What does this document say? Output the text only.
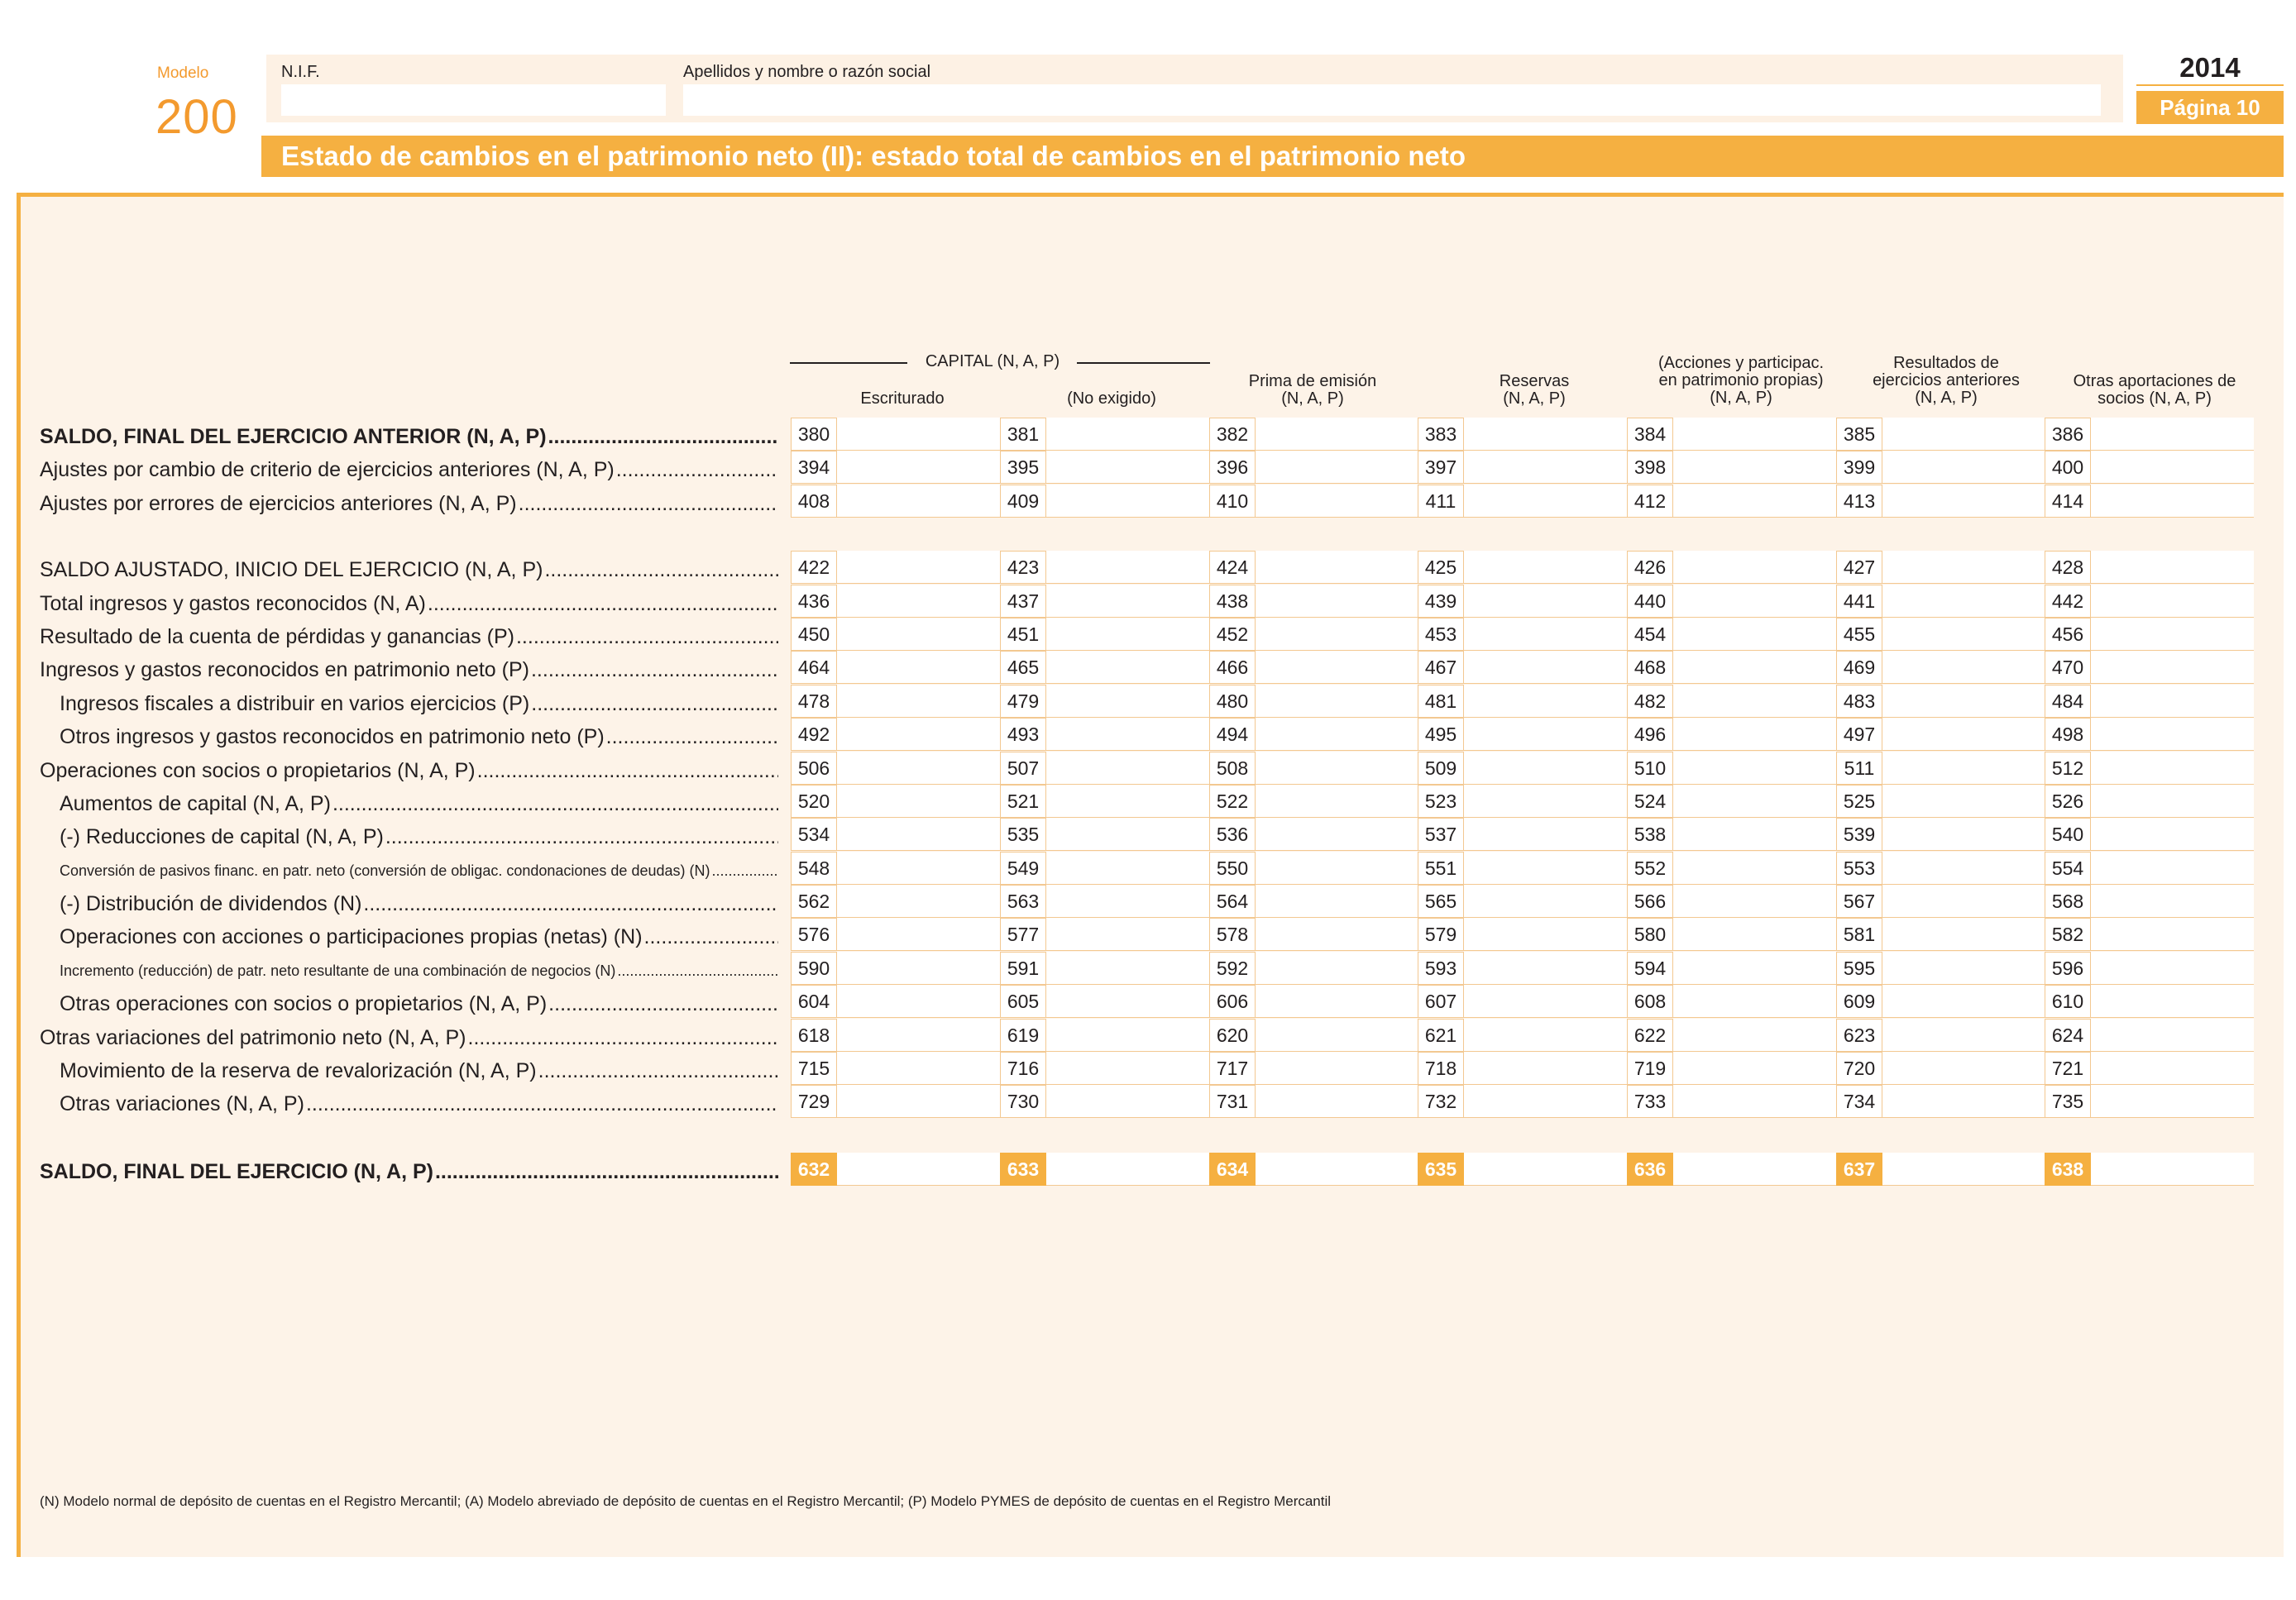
Modelo
200
N.I.F.	Apellidos y nombre o razón social	2014
Página 10
Estado de cambios en el patrimonio neto (II): estado total de cambios en el patrimonio neto
CAPITAL (N, A, P)
Escriturado	(No exigido)
Prima de emisión
(N, A, P)
Reservas
(N, A, P)
(Acciones y participac.
en patrimonio propias)
(N, A, P)
Resultados de
ejercicios anteriores
(N, A, P)
Otras aportaciones de
socios (N, A, P)
SALDO, FINAL DEL EJERCICIO ANTERIOR (N, A, P) .....	380	381	382	383	384	385	386
Ajustes por cambio de criterio de ejercicios anteriores (N, A, P) .....	394	395	396	397	398	399	400
Ajustes por errores de ejercicios anteriores (N, A, P) .....	408	409	410	411	412	413	414
SALDO AJUSTADO, INICIO DEL EJERCICIO (N, A, P) .....	422	423	424	425	426	427	428
Total ingresos y gastos reconocidos (N, A) .....	436	437	438	439	440	441	442
Resultado de la cuenta de pérdidas y ganancias (P) .....	450	451	452	453	454	455	456
Ingresos y gastos reconocidos en patrimonio neto (P) .....	464	465	466	467	468	469	470
Ingresos fiscales a distribuir en varios ejercicios (P) .....	478	479	480	481	482	483	484
Otros ingresos y gastos reconocidos en patrimonio neto (P) .....	492	493	494	495	496	497	498
Operaciones con socios o propietarios (N, A, P) .....	506	507	508	509	510	511	512
Aumentos de capital (N, A, P) .....	520	521	522	523	524	525	526
(-) Reducciones de capital (N, A, P) .....	534	535	536	537	538	539	540
Conversión de pasivos financ. en patr. neto (conversión de obligac. condonaciones de deudas) (N) .....	548	549	550	551	552	553	554
(-) Distribución de dividendos (N) .....	562	563	564	565	566	567	568
Operaciones con acciones o participaciones propias (netas) (N) .....	576	577	578	579	580	581	582
Incremento (reducción) de patr. neto resultante de una combinación de negocios (N) .....	590	591	592	593	594	595	596
Otras operaciones con socios o propietarios (N, A, P) .....	604	605	606	607	608	609	610
Otras variaciones del patrimonio neto (N, A, P) .....	618	619	620	621	622	623	624
Movimiento de la reserva de revalorización (N, A, P) .....	715	716	717	718	719	720	721
Otras variaciones (N, A, P) .....	729	730	731	732	733	734	735
SALDO, FINAL DEL EJERCICIO (N, A, P) .....	632	633	634	635	636	637	638
(N) Modelo normal de depósito de cuentas en el Registro Mercantil; (A) Modelo abreviado de depósito de cuentas en el Registro Mercantil; (P) Modelo PYMES de depósito de cuentas en el Registro Mercantil
